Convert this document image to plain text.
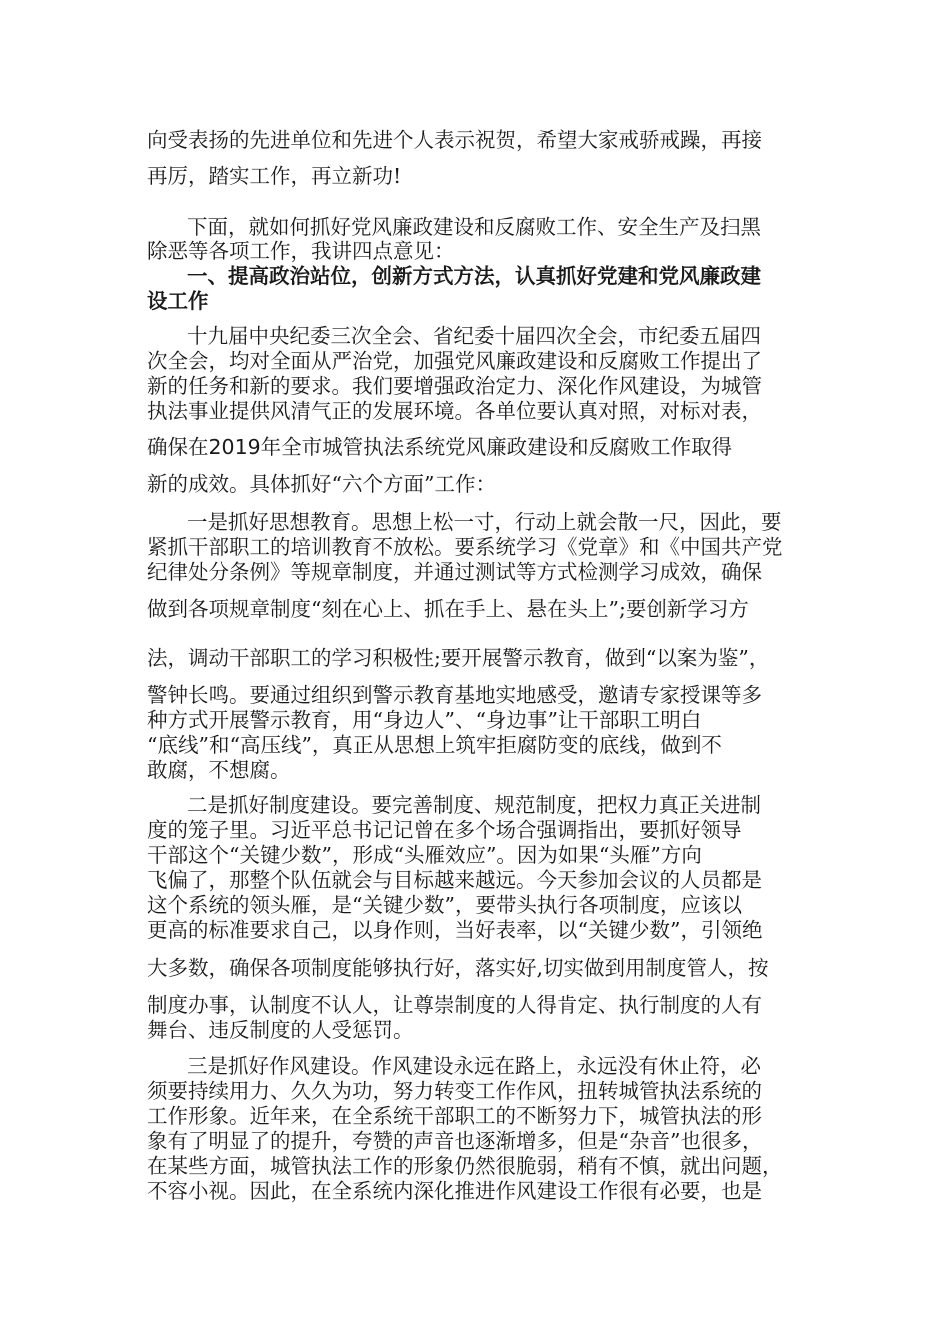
向受表扬的先进单位和先进个人表示祝贺，希望大家戒骄戒躁，再接
再厉，踏实工作，再立新功!
下面，就如何抓好党风廉政建设和反腐败工作、安全生产及扫黑
除恶等各项工作，我讲四点意见：
一、提高政治站位，创新方式方法，认真抓好党建和党风廉政建
设工作
十九届中央纪委三次全会、省纪委十届四次全会，市纪委五届四
次全会，均对全面从严治党，加强党风廉政建设和反腐败工作提出了
新的任务和新的要求。我们要增强政治定力、深化作风建设，为城管
执法事业提供风清气正的发展环境。各单位要认真对照，对标对表，
确保在2019年全市城管执法系统党风廉政建设和反腐败工作取得
新的成效。具体抓好“六个方面”工作：
一是抓好思想教育。思想上松一寸，行动上就会散一尺，因此，要
紧抓干部职工的培训教育不放松。要系统学习《党章》和《中国共产党
纪律处分条例》等规章制度，并通过测试等方式检测学习成效，确保
做到各项规章制度“刻在心上、抓在手上、悬在头上”;要创新学习方
法，调动干部职工的学习积极性;要开展警示教育，做到“以案为鉴”，
警钟长鸣。要通过组织到警示教育基地实地感受，邀请专家授课等多
种方式开展警示教育，用“身边人”、“身边事”让干部职工明白
“底线”和“高压线”，真正从思想上筑牢拒腐防变的底线，做到不
敢腐，不想腐。
二是抓好制度建设。要完善制度、规范制度，把权力真正关进制
度的笼子里。习近平总书记记曾在多个场合强调指出，要抓好领导
干部这个“关键少数”，形成“头雁效应”。因为如果“头雁”方向
飞偏了，那整个队伍就会与目标越来越远。今天参加会议的人员都是
这个系统的领头雁，是“关键少数”，要带头执行各项制度，应该以
更高的标准要求自己，以身作则，当好表率，以“关键少数”，引领绝
大多数，确保各项制度能够执行好，落实好,切实做到用制度管人，按
制度办事，认制度不认人，让尊崇制度的人得肯定、执行制度的人有
舞台、违反制度的人受惩罚。
三是抓好作风建设。作风建设永远在路上，永远没有休止符，必
须要持续用力、久久为功，努力转变工作作风，扭转城管执法系统的
工作形象。近年来，在全系统干部职工的不断努力下，城管执法的形
象有了明显了的提升，夸赞的声音也逐渐增多，但是“杂音”也很多，
在某些方面，城管执法工作的形象仍然很脆弱，稍有不慎，就出问题，
不容小视。因此，在全系统内深化推进作风建设工作很有必要，也是
